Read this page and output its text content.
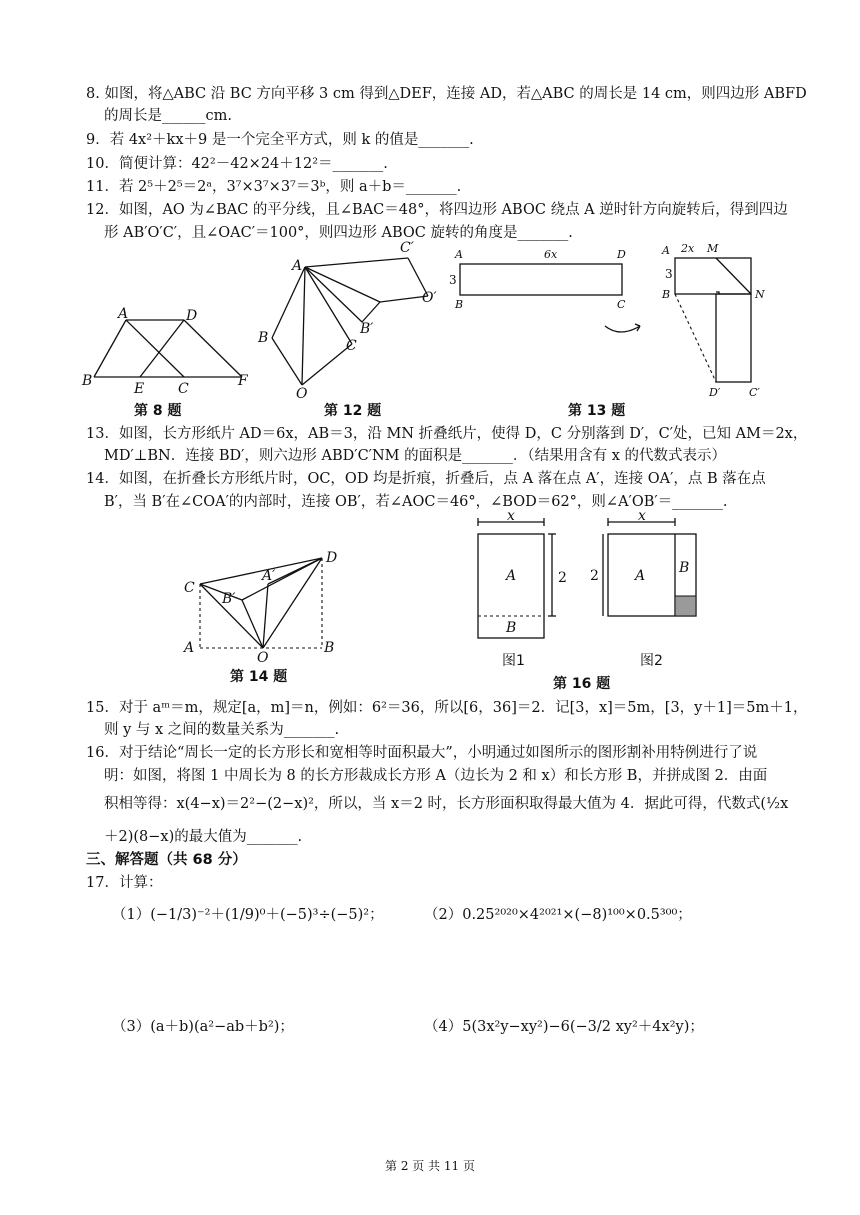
8. 如图，将△ABC 沿 BC 方向平移 3 cm 得到△DEF，连接 AD，若△ABC 的周长是 14 cm，则四边形 ABFD
的周长是______cm.
9．若 4x²＋kx＋9 是一个完全平方式，则 k 的值是_______.
10．简便计算：42²－42×24＋12²＝_______.
11．若 2⁵＋2⁵＝2ᵃ，3⁷×3⁷×3⁷＝3ᵇ，则 a＋b＝_______.
12．如图，AO 为∠BAC 的平分线，且∠BAC＝48°，将四边形 ABOC 绕点 A 逆时针方向旋转后，得到四边
形 AB′O′C′，且∠OAC′＝100°，则四边形 ABOC 旋转的角度是_______.
A	D
B	E C	F
A
B
O
C
B′
O′
C′	A	6x	D
3
B	C
A 2x M
3
B	N
D′	C′
第 8 题	第 12 题	第 13 题
13．如图，长方形纸片 AD＝6x，AB＝3，沿 MN 折叠纸片，使得 D，C 分别落到 D′，C′处，已知 AM＝2x，
MD′⊥BN．连接 BD′，则六边形 ABD′C′NM 的面积是_______．（结果用含有 x 的代数式表示）
14．如图，在折叠长方形纸片时，OC，OD 均是折痕，折叠后，点 A 落在点 A′，连接 OA′，点 B 落在点
B′，当 B′在∠COA′的内部时，连接 OB′，若∠AOC＝46°，∠BOD＝62°，则∠A′OB′＝_______.
C
D
A′
B′
A
O
B
x
A	2
B
x
A
2	B
第 14 题
图1	图2
第 16 题
15．对于 aᵐ＝m，规定[a，m]＝n，例如：6²＝36，所以[6，36]＝2．记[3，x]＝5m，[3，y＋1]＝5m＋1，
则 y 与 x 之间的数量关系为_______.
16．对于结论“周长一定的长方形长和宽相等时面积最大”，小明通过如图所示的图形割补用特例进行了说
明：如图，将图 1 中周长为 8 的长方形裁成长方形 A（边长为 2 和 x）和长方形 B，并拼成图 2．由面
积相等得：x(4−x)＝2²−(2−x)²，所以，当 x＝2 时，长方形面积取得最大值为 4．据此可得，代数式(½x
＋2)(8−x)的最大值为_______.
三、解答题（共 68 分）
17．计算：
（1）(−1/3)⁻²＋(1/9)⁰＋(−5)³÷(−5)²；	（2）0.25²⁰²⁰×4²⁰²¹×(−8)¹⁰⁰×0.5³⁰⁰；
（3）(a＋b)(a²−ab＋b²)；	（4）5(3x²y−xy²)−6(−3/2 xy²＋4x²y)；
第 2 页 共 11 页
